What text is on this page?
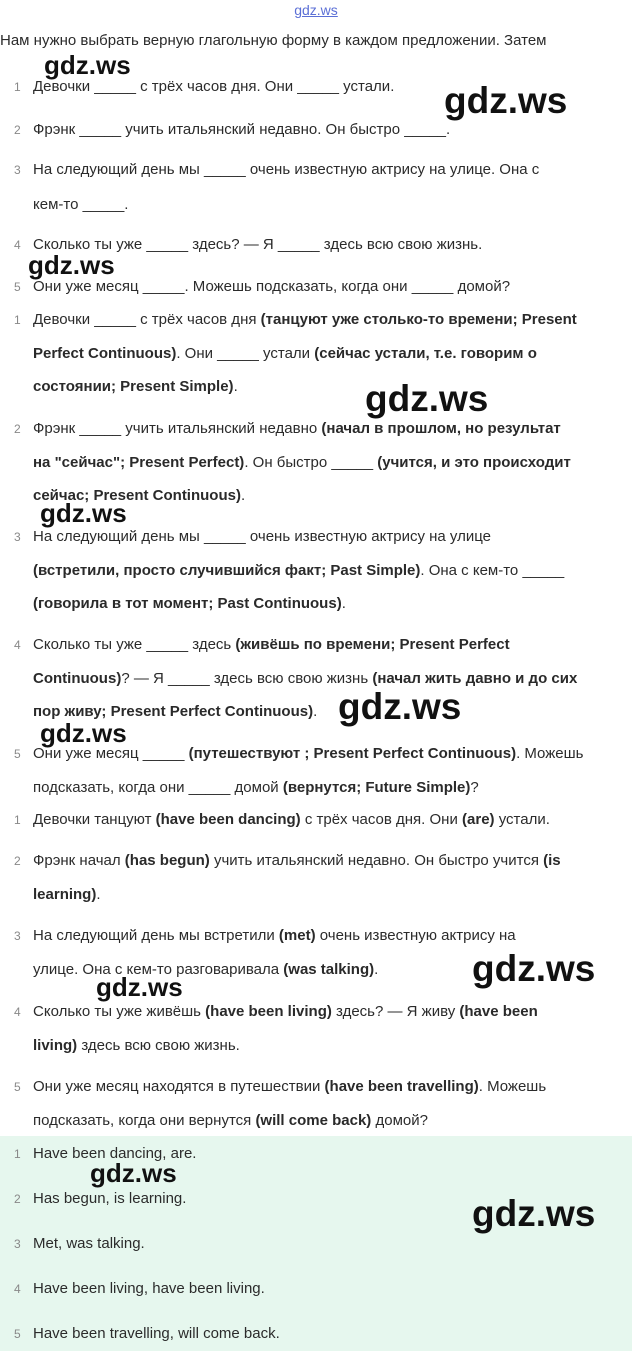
gdz.ws
Нам нужно выбрать верную глагольную форму в каждом предложении. Затем
1 Девочки _____ с трёх часов дня. Они _____ устали.
2 Фрэнк _____ учить итальянский недавно. Он быстро _____.
3 На следующий день мы _____ очень известную актрису на улице. Она с
кем-то _____.
4 Сколько ты уже _____ здесь? — Я _____ здесь всю свою жизнь.
5 Они уже месяц _____. Можешь подсказать, когда они _____ домой?
1 Девочки _____ с трёх часов дня (танцуют уже столько-то времени; Present
Perfect Continuous). Они _____ устали (сейчас устали, т.е. говорим о
состоянии; Present Simple).
2 Фрэнк _____ учить итальянский недавно (начал в прошлом, но результат
на "сейчас"; Present Perfect). Он быстро _____ (учится, и это происходит
сейчас; Present Continuous).
3 На следующий день мы _____ очень известную актрису на улице
(встретили, просто случившийся факт; Past Simple). Она с кем-то _____
(говорила в тот момент; Past Continuous).
4 Сколько ты уже _____ здесь (живёшь по времени; Present Perfect
Continuous)? — Я _____ здесь всю свою жизнь (начал жить давно и до сих
пор живу; Present Perfect Continuous).
5 Они уже месяц _____ (путешествуют ; Present Perfect Continuous). Можешь
подсказать, когда они _____ домой (вернутся; Future Simple)?
1 Девочки танцуют (have been dancing) с трёх часов дня. Они (are) устали.
2 Фрэнк начал (has begun) учить итальянский недавно. Он быстро учится (is
learning).
3 На следующий день мы встретили (met) очень известную актрису на
улице. Она с кем-то разговаривала (was talking).
4 Сколько ты уже живёшь (have been living) здесь? — Я живу (have been
living) здесь всю свою жизнь.
5 Они уже месяц находятся в путешествии (have been travelling). Можешь
подсказать, когда они вернутся (will come back) домой?
1 Have been dancing, are.
2 Has begun, is learning.
3 Met, was talking.
4 Have been living, have been living.
5 Have been travelling, will come back.
gdz.ws
gdz.ws
gdz.ws
gdz.ws
gdz.ws
gdz.ws
gdz.ws
gdz.ws
gdz.ws
gdz.ws
gdz.ws
